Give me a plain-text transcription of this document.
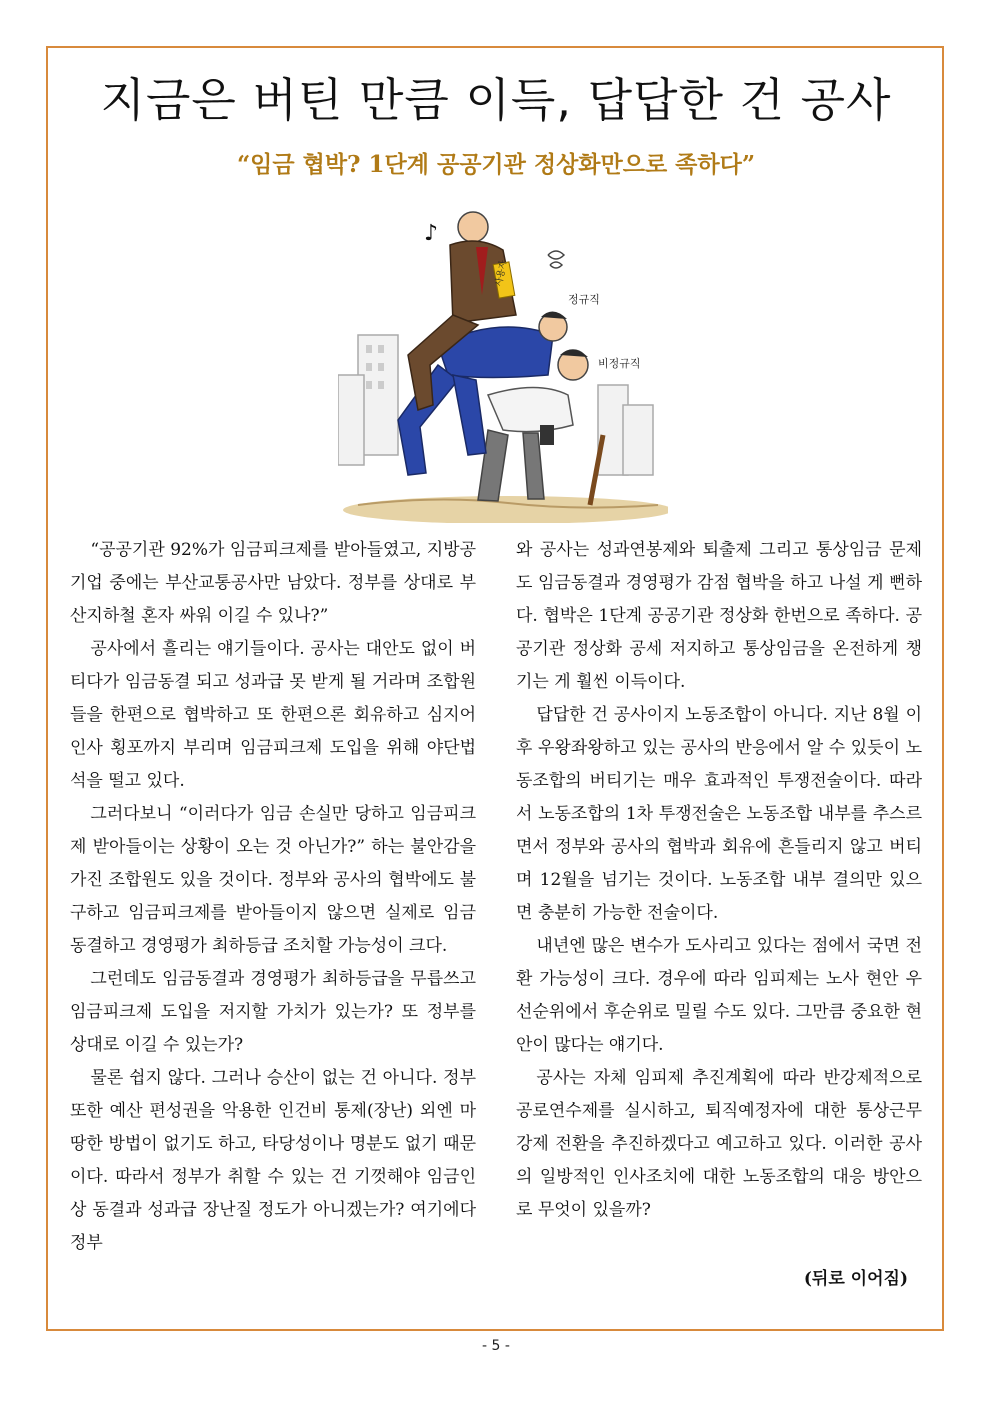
지금은 버틴 만큼 이득, 답답한 건 공사
“임금 협박? 1단계 공공기관 정상화만으로 족하다”
사용자
정규직
비정규직
♪

“공공기관 92%가 임금피크제를 받아들였고, 지방공기업 중에는 부산교통공사만 남았다. 정부를 상대로 부산지하철 혼자 싸워 이길 수 있나?”

공사에서 흘리는 얘기들이다. 공사는 대안도 없이 버티다가 임금동결 되고 성과급 못 받게 될 거라며 조합원들을 한편으로 협박하고 또 한편으론 회유하고 심지어 인사 횡포까지 부리며 임금피크제 도입을 위해 야단법석을 떨고 있다.

그러다보니 “이러다가 임금 손실만 당하고 임금피크제 받아들이는 상황이 오는 것 아닌가?” 하는 불안감을 가진 조합원도 있을 것이다. 정부와 공사의 협박에도 불구하고 임금피크제를 받아들이지 않으면 실제로 임금 동결하고 경영평가 최하등급 조치할 가능성이 크다.

그런데도 임금동결과 경영평가 최하등급을 무릅쓰고 임금피크제 도입을 저지할 가치가 있는가? 또 정부를 상대로 이길 수 있는가?

물론 쉽지 않다. 그러나 승산이 없는 건 아니다. 정부 또한 예산 편성권을 악용한 인건비 통제(장난) 외엔 마땅한 방법이 없기도 하고, 타당성이나 명분도 없기 때문이다. 따라서 정부가 취할 수 있는 건 기껏해야 임금인상 동결과 성과급 장난질 정도가 아니겠는가? 여기에다 정부

와 공사는 성과연봉제와 퇴출제 그리고 통상임금 문제도 임금동결과 경영평가 감점 협박을 하고 나설 게 뻔하다. 협박은 1단계 공공기관 정상화 한번으로 족하다. 공공기관 정상화 공세 저지하고 통상임금을 온전하게 챙기는 게 훨씬 이득이다.

답답한 건 공사이지 노동조합이 아니다. 지난 8월 이후 우왕좌왕하고 있는 공사의 반응에서 알 수 있듯이 노동조합의 버티기는 매우 효과적인 투쟁전술이다. 따라서 노동조합의 1차 투쟁전술은 노동조합 내부를 추스르면서 정부와 공사의 협박과 회유에 흔들리지 않고 버티며 12월을 넘기는 것이다. 노동조합 내부 결의만 있으면 충분히 가능한 전술이다.

내년엔 많은 변수가 도사리고 있다는 점에서 국면 전환 가능성이 크다. 경우에 따라 임피제는 노사 현안 우선순위에서 후순위로 밀릴 수도 있다. 그만큼 중요한 현안이 많다는 얘기다.

공사는 자체 임피제 추진계획에 따라 반강제적으로 공로연수제를 실시하고, 퇴직예정자에 대한 통상근무 강제 전환을 추진하겠다고 예고하고 있다. 이러한 공사의 일방적인 인사조치에 대한 노동조합의 대응 방안으로 무엇이 있을까?

(뒤로 이어짐)
- 5 -
